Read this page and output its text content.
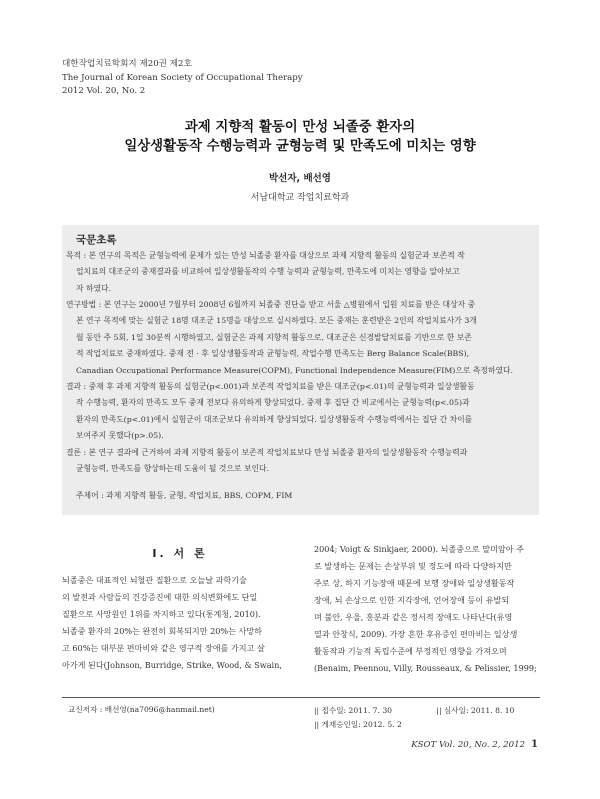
대한작업치료학회지 제20권 제2호
The Journal of Korean Society of Occupational Therapy
2012 Vol. 20, No. 2
과제 지향적 활동이 만성 뇌졸중 환자의
일상생활동작 수행능력과 균형능력 및 만족도에 미치는 영향
박선자, 배선영
서남대학교 작업치료학과
국문초록
목적 : 본 연구의 목적은 균형능력에 문제가 있는 만성 뇌졸중 환자를 대상으로 과제 지향적 활동의 실험군과 보존적 작
업치료의 대조군의 중재결과를 비교하여 일상생활동작의 수행 능력과 균형능력, 만족도에 미치는 영향을 알아보고
자 하였다.
연구방법 : 본 연구는 2000년 7월부터 2008년 6월까지 뇌졸중 진단을 받고 서울 △병원에서 입원 치료를 받은 대상자 중
본 연구 목적에 맞는 실험군 18명 대조군 15명을 대상으로 실시하였다. 모든 중재는 훈련받은 2인의 작업치료사가 3개
월 동안 주 5회, 1일 30분씩 시행하였고, 실험군은 과제 지향적 활동으로, 대조군은 신경발달치료를 기반으로 한 보존
적 작업치료로 중재하였다. 중재 전 · 후 일상생활동작과 균형능력, 작업수행 만족도는 Berg Balance Scale(BBS),
Canadian Occupational Performance Measure(COPM), Functional Independence Measure(FIM)으로 측정하였다.
결과 : 중재 후 과제 지향적 활동의 실험군(p<.001)과 보존적 작업치료를 받은 대조군(p<.01)의 균형능력과 일상생활동
작 수행능력, 환자의 만족도 모두 중재 전보다 유의하게 향상되었다. 중재 후 집단 간 비교에서는 균형능력(p<.05)과
환자의 만족도(p<.01)에서 실험군이 대조군보다 유의하게 향상되었다. 일상생활동작 수행능력에서는 집단 간 차이를
보여주지 못했다(p>.05).
결론 : 본 연구 결과에 근거하여 과제 지향적 활동이 보존적 작업치료보다 만성 뇌졸중 환자의 일상생활동작 수행능력과
균형능력, 만족도를 향상하는데 도움이 될 것으로 보인다.
주제어 : 과제 지향적 활동, 균형, 작업치료, BBS, COPM, FIM
Ⅰ. 서 론
뇌졸중은 대표적인 뇌혈관 질환으로 오늘날 과학기술
의 발전과 사람들의 건강증진에 대한 의식변화에도 단일
질환으로 사망원인 1위를 차지하고 있다(통계청, 2010).
뇌졸중 환자의 20%는 완전히 회복되지만 20%는 사망하
고 60%는 대부분 편마비와 같은 영구적 장애를 가지고 살
아가게 된다(Johnson, Burridge, Strike, Wood, & Swain,
2004; Voigt & Sinkjaer, 2000). 뇌졸중으로 말미암아 주
로 발생하는 문제는 손상부위 및 정도에 따라 다양하지만
주로 상, 하지 기능장애 때문에 보행 장애와 일상생활동작
장애, 뇌 손상으로 인한 지각장애, 언어장애 등이 유발되
며 불안, 우울, 흥분과 같은 정서적 장애도 나타난다(유영
열과 안창식, 2009). 가장 흔한 후유증인 편마비는 일상생
활동작과 기능적 독립수준에 부정적인 영향을 가져오며
(Benaim, Peennou, Villy, Rousseaux, & Pelissier, 1999;
교신저자 : 배선영(na7096@hanmail.net)	|| 접수일: 2011. 7. 30	|| 심사일: 2011. 8. 10
|| 게재승인일: 2012. 5. 2
KSOT Vol. 20, No. 2, 2012 1
